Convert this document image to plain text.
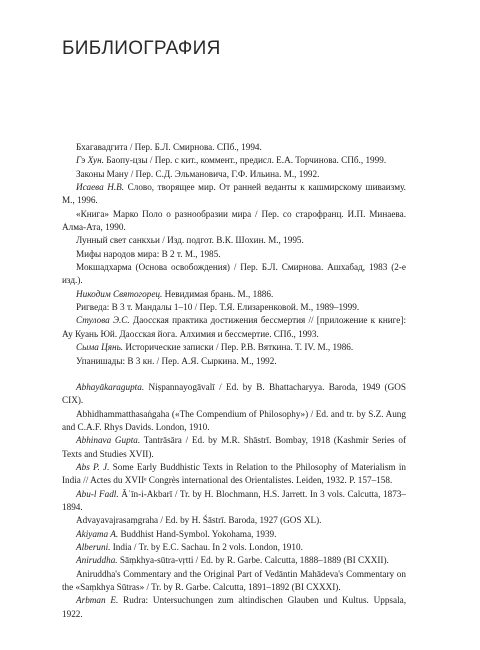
БИБЛИОГРАФИЯ

Бхагавадгита / Пер. Б.Л. Смирнова. СПб., 1994.

Гэ Хун. Баопу-цзы / Пер. с кит., коммент., предисл. Е.А. Торчинова. СПб., 1999.

Законы Ману / Пер. С.Д. Эльмановича, Г.Ф. Ильина. М., 1992.

Исаева Н.В. Слово, творящее мир. От ранней веданты к кашмирскому шиваизму. М., 1996.

«Книга» Марко Поло о разнообразии мира / Пер. со старофранц. И.П. Минаева. Алма-Ата, 1990.

Лунный свет санкхьи / Изд. подгот. В.К. Шохин. М., 1995.

Мифы народов мира: В 2 т. М., 1985.

Мокшадхарма (Основа освобождения) / Пер. Б.Л. Смирнова. Ашхабад, 1983 (2-е изд.).

Никодим Святогорец. Невидимая брань. М., 1886.

Ригведа: В 3 т. Мандалы 1–10 / Пер. Т.Я. Елизаренковой. М., 1989–1999.

Стулова Э.С. Даосская практика достижения бессмертия // [приложение к книге]: Ау Куань Юй. Даосская йога. Алхимия и бессмертие. СПб., 1993.

Сыма Цянь. Исторические записки / Пер. Р.В. Вяткина. Т. IV. М., 1986.

Упанишады: В 3 кн. / Пер. А.Я. Сыркина. М., 1992.

Abhayākaragupta. Niṣpannayogāvalī / Ed. by B. Bhattacharyya. Baroda, 1949 (GOS CIX).

Abhidhammatthasaṅgaha («The Compendium of Philosophy») / Ed. and tr. by S.Z. Aung and C.A.F. Rhys Davids. London, 1910.

Abhinava Gupta. Tantrāsāra / Ed. by M.R. Shāstrī. Bombay, 1918 (Kashmir Series of Texts and Studies XVII).

Abs P. J. Some Early Buddhistic Texts in Relation to the Philosophy of Materialism in India // Actes du XVIIᵉ Congrès international des Orientalistes. Leiden, 1932. P. 157–158.

Abu-l Fadl. Āʾīn-i-Akbarī / Tr. by H. Blochmann, H.S. Jarrett. In 3 vols. Calcutta, 1873–1894.

Advayavajrasaṃgraha / Ed. by H. Śāstrī. Baroda, 1927 (GOS XL).

Akiyama A. Buddhist Hand-Symbol. Yokohama, 1939.

Alberuni. India / Tr. by E.C. Sachau. In 2 vols. London, 1910.

Aniruddha. Sāṃkhya-sūtra-vṛtti / Ed. by R. Garbe. Calcutta, 1888–1889 (BI CXXII).

Aniruddha's Commentary and the Original Part of Vedāntin Mahādeva's Commentary on the «Saṃkhya Sūtras» / Tr. by R. Garbe. Calcutta, 1891–1892 (BI CXXXI).

Arbman E. Rudra: Untersuchungen zum altindischen Glauben und Kultus. Uppsala, 1922.
